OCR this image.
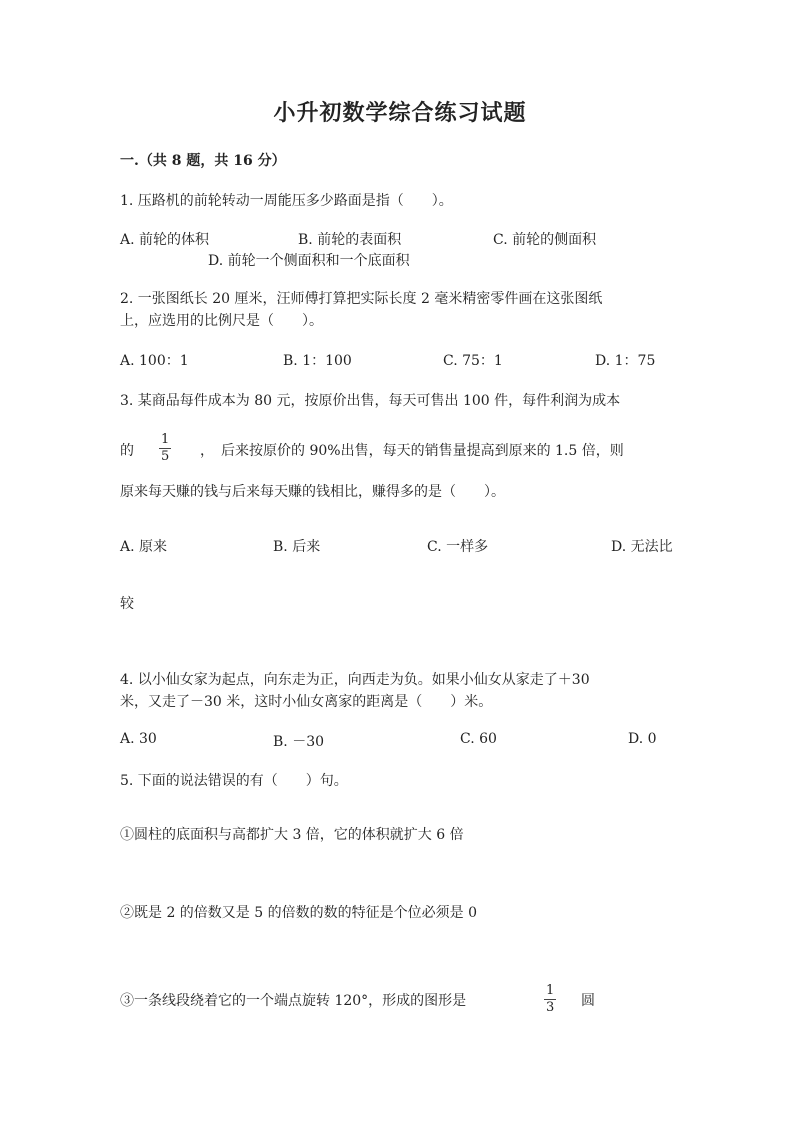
小升初数学综合练习试题
一.（共 8 题，共 16 分）
1. 压路机的前轮转动一周能压多少路面是指（　　）。
A. 前轮的体积	B. 前轮的表面积	C. 前轮的侧面积
D. 前轮一个侧面积和一个底面积
2. 一张图纸长 20 厘米，汪师傅打算把实际长度 2 毫米精密零件画在这张图纸
上，应选用的比例尺是（　　）。
A. 100：1	B. 1：100	C. 75：1	D. 1：75
3. 某商品每件成本为 80 元，按原价出售，每天可售出 100 件，每件利润为成本
的
1
5 ，　后来按原价的 90%出售，每天的销售量提高到原来的 1.5 倍，则
原来每天赚的钱与后来每天赚的钱相比，赚得多的是（　　）。
A. 原来	B. 后来	C. 一样多	D. 无法比
较
4. 以小仙女家为起点，向东走为正，向西走为负。如果小仙女从家走了＋30
米，又走了－30 米，这时小仙女离家的距离是（　　）米。
A. 30	B. －30	C. 60	D. 0
5. 下面的说法错误的有（　　）句。
①圆柱的底面积与高都扩大 3 倍，它的体积就扩大 6 倍
②既是 2 的倍数又是 5 的倍数的数的特征是个位必须是 0
③一条线段绕着它的一个端点旋转 120°，形成的图形是
1
3 圆
